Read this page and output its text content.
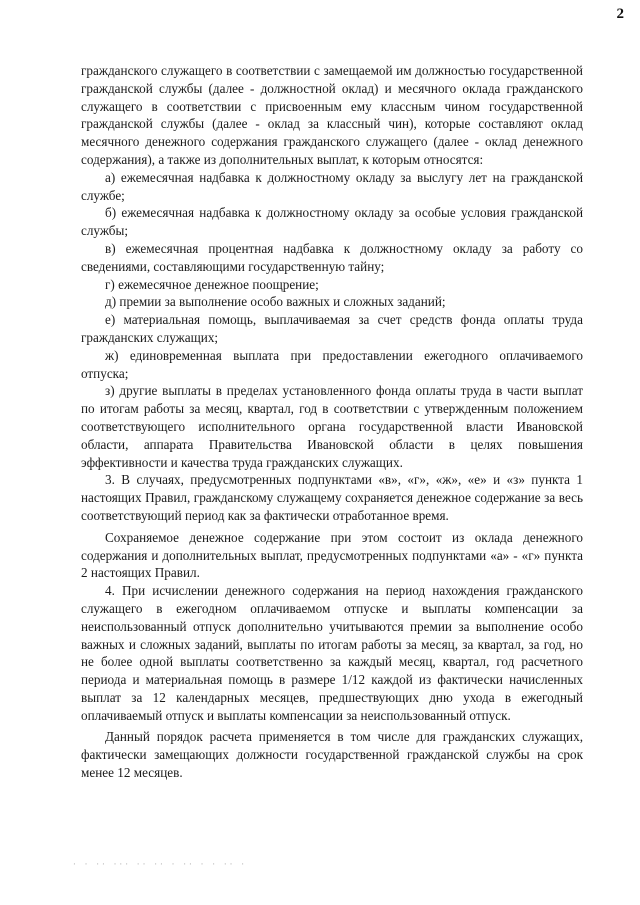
2

гражданского служащего в соответствии с замещаемой им должностью государственной гражданской службы (далее - должностной оклад) и месячного оклада гражданского служащего в соответствии с присвоенным ему классным чином государственной гражданской службы (далее - оклад за классный чин), которые составляют оклад месячного денежного содержания гражданского служащего (далее - оклад денежного содержания), а также из дополнительных выплат, к которым относятся:

а) ежемесячная надбавка к должностному окладу за выслугу лет на гражданской службе;

б) ежемесячная надбавка к должностному окладу за особые условия гражданской службы;

в) ежемесячная процентная надбавка к должностному окладу за работу со сведениями, составляющими государственную тайну;

г) ежемесячное денежное поощрение;

д) премии за выполнение особо важных и сложных заданий;

е) материальная помощь, выплачиваемая за счет средств фонда оплаты труда гражданских служащих;

ж) единовременная выплата при предоставлении ежегодного оплачиваемого отпуска;

з) другие выплаты в пределах установленного фонда оплаты труда в части выплат по итогам работы за месяц, квартал, год в соответствии с утвержденным положением соответствующего исполнительного органа государственной власти Ивановской области, аппарата Правительства Ивановской области в целях повышения эффективности и качества труда гражданских служащих.

3. В случаях, предусмотренных подпунктами «в», «г», «ж», «е» и «з» пункта 1 настоящих Правил, гражданскому служащему сохраняется денежное содержание за весь соответствующий период как за фактически отработанное время.

Сохраняемое денежное содержание при этом состоит из оклада денежного содержания и дополнительных выплат, предусмотренных подпунктами «а» - «г» пункта 2 настоящих Правил.

4. При исчислении денежного содержания на период нахождения гражданского служащего в ежегодном оплачиваемом отпуске и выплаты компенсации за неиспользованный отпуск дополнительно учитываются премии за выполнение особо важных и сложных заданий, выплаты по итогам работы за месяц, за квартал, за год, но не более одной выплаты соответственно за каждый месяц, квартал, год расчетного периода и материальная помощь в размере 1/12 каждой из фактически начисленных выплат за 12 календарных месяцев, предшествующих дню ухода в ежегодный оплачиваемый отпуск и выплаты компенсации за неиспользованный отпуск.

Данный порядок расчета применяется в том числе для гражданских служащих, фактически замещающих должности государственной гражданской службы на срок менее 12 месяцев.

· · ·· ··· ·· ·· · ·· · · ·· ·
